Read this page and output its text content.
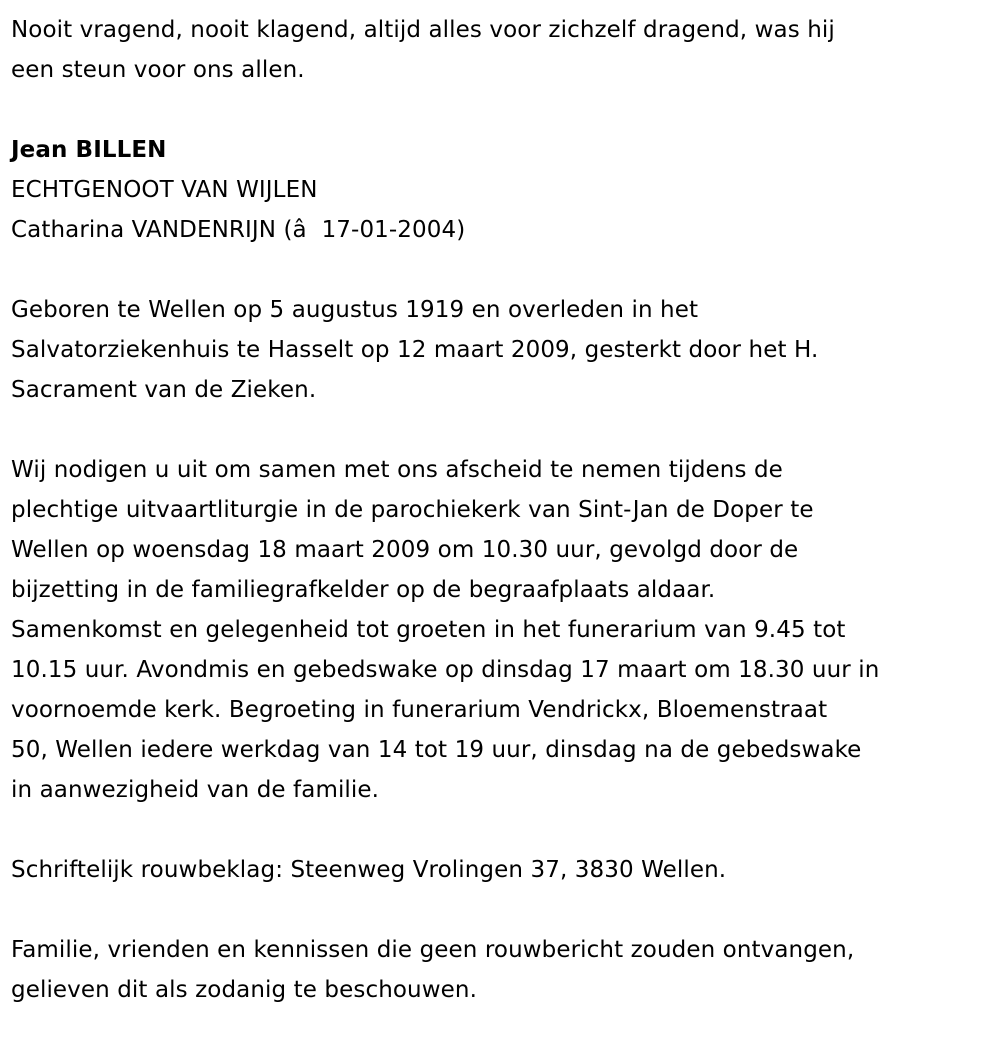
Nooit vragend, nooit klagend, altijd alles voor zichzelf dragend, was hij
een steun voor ons allen.

Jean BILLEN
ECHTGENOOT VAN WIJLEN
Catharina VANDENRIJN (â  17-01-2004)

Geboren te Wellen op 5 augustus 1919 en overleden in het
Salvatorziekenhuis te Hasselt op 12 maart 2009, gesterkt door het H.
Sacrament van de Zieken.

Wij nodigen u uit om samen met ons afscheid te nemen tijdens de
plechtige uitvaartliturgie in de parochiekerk van Sint-Jan de Doper te
Wellen op woensdag 18 maart 2009 om 10.30 uur, gevolgd door de
bijzetting in de familiegrafkelder op de begraafplaats aldaar.
Samenkomst en gelegenheid tot groeten in het funerarium van 9.45 tot
10.15 uur. Avondmis en gebedswake op dinsdag 17 maart om 18.30 uur in
voornoemde kerk. Begroeting in funerarium Vendrickx, Bloemenstraat
50, Wellen iedere werkdag van 14 tot 19 uur, dinsdag na de gebedswake
in aanwezigheid van de familie.

Schriftelijk rouwbeklag: Steenweg Vrolingen 37, 3830 Wellen.

Familie, vrienden en kennissen die geen rouwbericht zouden ontvangen,
gelieven dit als zodanig te beschouwen.
